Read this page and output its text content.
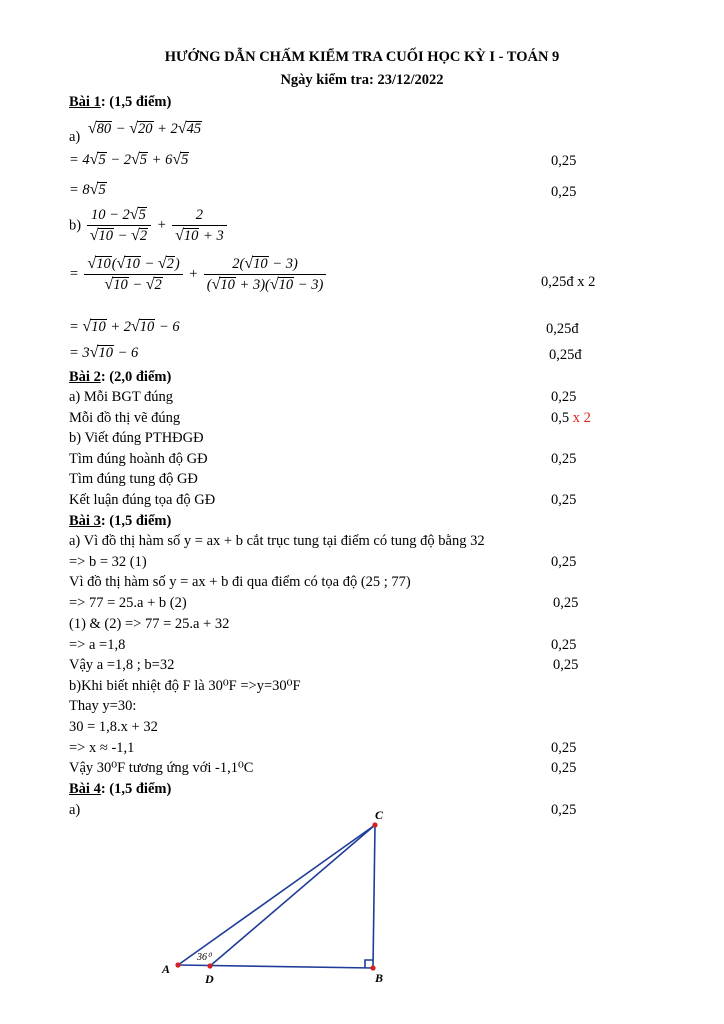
HƯỚNG DẪN CHẤM KIỂM TRA CUỐI HỌC KỲ I - TOÁN 9
Ngày kiểm tra: 23/12/2022
Bài 1: (1,5 điểm)
a) √80 − √20 + 2√45
= 4√5 − 2√5 + 6√5	0,25
= 8√5	0,25
$b) \frac{10 - 2√5}{√10 - √2} + \frac{2}{√10 + 3}$
= $\frac{√10(√10 - √2)}{√10 - √2} + \frac{2(√10 - 3)}{(√10 + 3)(√10 - 3)}$	0,25đ x 2
= √10 + 2√10 − 6	0,25đ
= 3√10 − 6	0,25đ
Bài 2: (2,0 điểm)
a) Mỗi BGT đúng	0,25
Mỗi đồ thị vẽ đúng	0,5 x 2
b) Viết đúng PTHĐGĐ
Tìm đúng hoành độ GĐ	0,25
Tìm đúng tung độ GĐ
Kết luận đúng tọa độ GĐ	0,25
Bài 3: (1,5 điểm)
a) Vì đồ thị hàm số y = ax + b cắt trục tung tại điểm có tung độ bằng 32
=> b = 32 (1)	0,25
Vì đồ thị hàm số y = ax + b đi qua điểm có tọa độ (25 ; 77)
=> 77 = 25.a + b (2)	0,25
(1) & (2) => 77 = 25.a + 32
=> a =1,8	0,25
Vậy a =1,8 ; b=32	0,25
b)Khi biết nhiệt độ F là 30⁰F =>y=30⁰F
Thay y=30:
30 = 1,8.x + 32
=> x ≈ -1,1	0,25
Vậy 30⁰F tương ứng với -1,1⁰C	0,25
Bài 4: (1,5 điểm)
a)	0,25
C
A
D	B
36⁰
